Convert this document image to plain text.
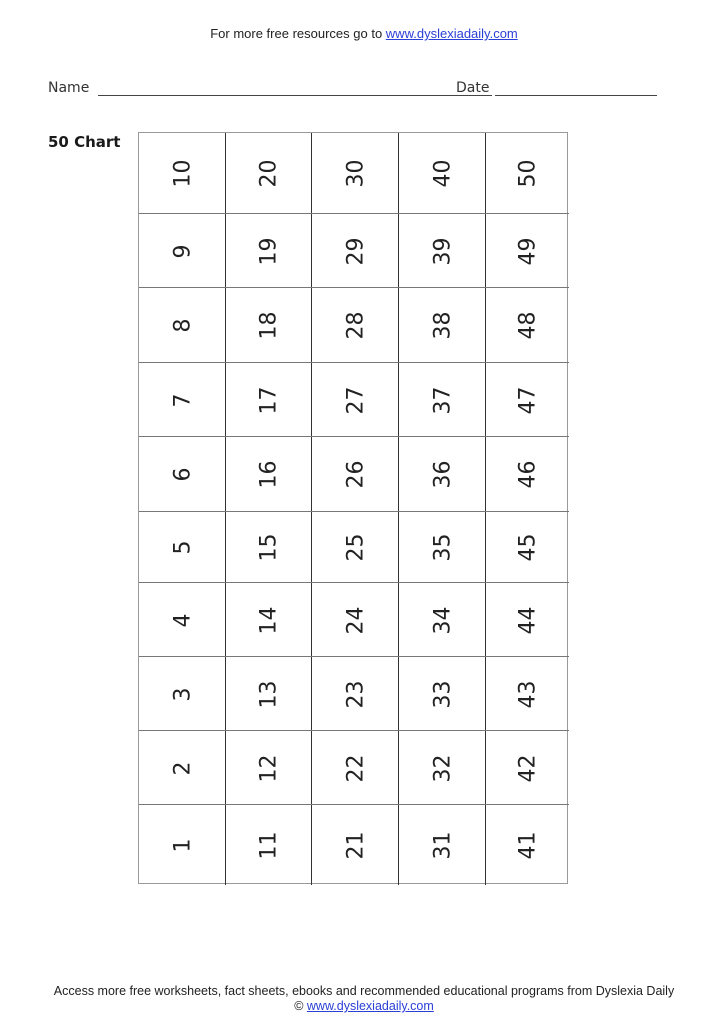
For more free resources go to www.dyslexiadaily.com
Name	Date
50 Chart
10
9
8
7
6
5
4
3
2
1
20
19
18
17
16
15
14
13
12
11
30
29
28
27
26
25
24
23
22
21
40
39
38
37
36
35
34
33
32
31
50
49
48
47
46
45
44
43
42
41
Access more free worksheets, fact sheets, ebooks and recommended educational programs from Dyslexia Daily
© www.dyslexiadaily.com
